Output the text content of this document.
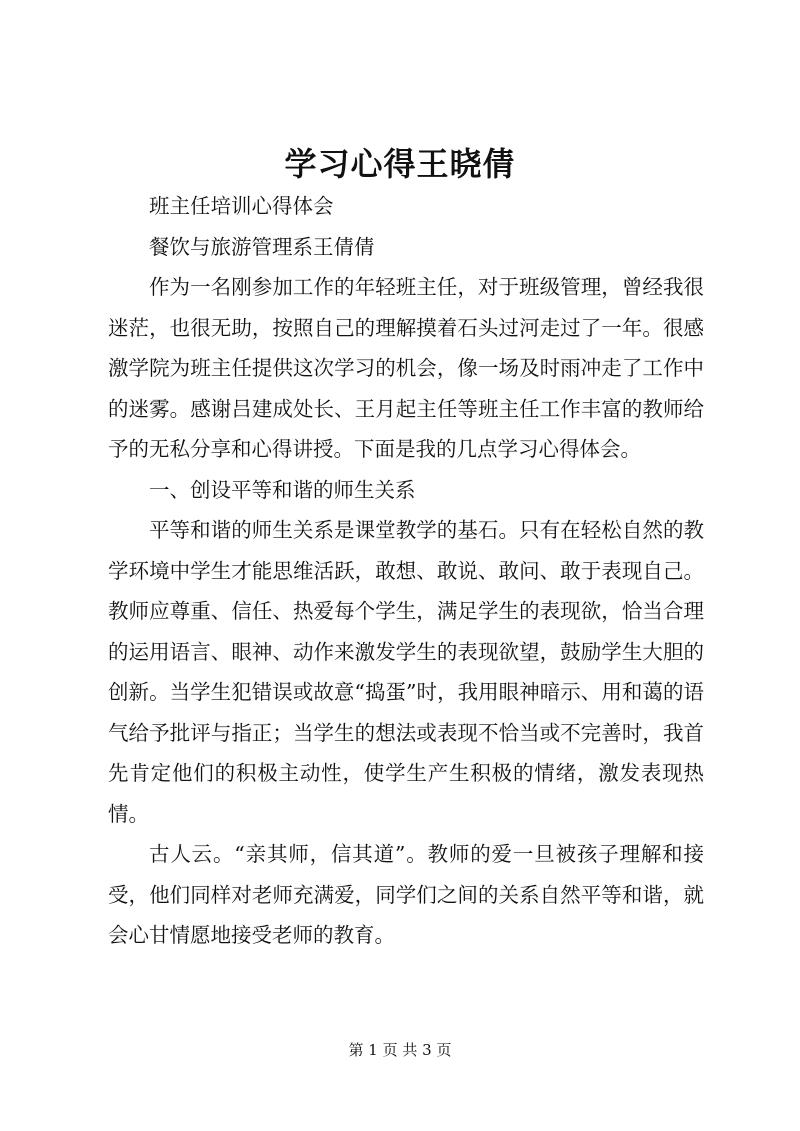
学习心得王晓倩

班主任培训心得体会

餐饮与旅游管理系王倩倩

作为一名刚参加工作的年轻班主任，对于班级管理，曾经我很迷茫，也很无助，按照自己的理解摸着石头过河走过了一年。很感激学院为班主任提供这次学习的机会，像一场及时雨冲走了工作中的迷雾。感谢吕建成处长、王月起主任等班主任工作丰富的教师给予的无私分享和心得讲授。下面是我的几点学习心得体会。

一、创设平等和谐的师生关系

平等和谐的师生关系是课堂教学的基石。只有在轻松自然的教学环境中学生才能思维活跃，敢想、敢说、敢问、敢于表现自己。教师应尊重、信任、热爱每个学生，满足学生的表现欲，恰当合理的运用语言、眼神、动作来激发学生的表现欲望，鼓励学生大胆的创新。当学生犯错误或故意“捣蛋”时，我用眼神暗示、用和蔼的语气给予批评与指正；当学生的想法或表现不恰当或不完善时，我首先肯定他们的积极主动性，使学生产生积极的情绪，激发表现热情。

古人云。“亲其师，信其道”。教师的爱一旦被孩子理解和接受，他们同样对老师充满爱，同学们之间的关系自然平等和谐，就会心甘情愿地接受老师的教育。

第 1 页 共 3 页
